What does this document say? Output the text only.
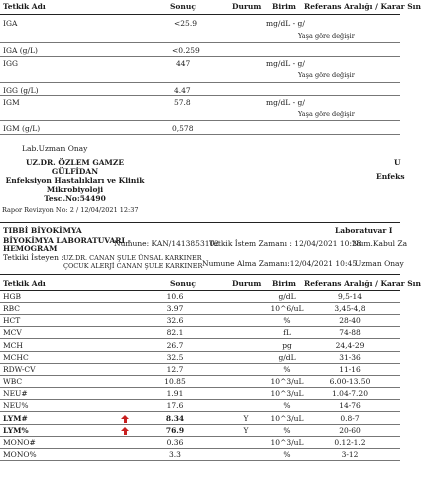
Tetkik Adı	Sonuç	Durum Birim Referans Aralığı / Karar Sın
IGA	<25.9	mg/dL - g/
Yaşa göre değişir
IGA (g/L)	<0.259
IGG	447	mg/dL - g/
Yaşa göre değişir
IGG (g/L)	4.47
IGM	57.8	mg/dL - g/
Yaşa göre değişir
IGM (g/L)	0,578
Lab.Uzman Onay
UZ.DR. ÖZLEM GAMZE
GÜLFİDAN
Enfeksiyon Hastalıkları ve Klinik
Mikrobiyoloji
Tesc.No:54490
U
Enfeks
Rapor Revizyon No: 2 / 12/04/2021 12:37
TIBBİ BİYOKİMYA	Laboratuvar I
BİYOKİMYA LABORATUVARI -
HEMOGRAM
Numune: KAN/1413853102
Tetkik İstem Zamanı : 12/04/2021 10:28
Num.Kabul Za
Tetkiki İsteyen : UZ.DR. CANAN ŞULE ÜNSAL KARKINER
ÇOCUK ALERJİ CANAN ŞULE KARKINER Numune Alma Zamanı:12/04/2021 10:45
Uzman Onay
Tetkik Adı	Sonuç	Durum Birim Referans Aralığı / Karar Sın
HGB	10.6	g/dL	9,5-14
RBC	3.97	10^6/uL	3,45-4,8
HCT	32.6	%	28-40
MCV	82.1	fL	74-88
MCH	26.7	pg	24,4-29
MCHC	32.5	g/dL	31-36
RDW-CV	12.7	%	11-16
WBC	10.85	10^3/uL	6.00-13.50
NEU#	1.91	10^3/uL	1.04-7.20
NEU%	17.6	%	14-76
LYM#	8.34	Y	10^3/uL	0.8-7
LYM%	76.9	Y	%	20-60
MONO#	0.36	10^3/uL	0.12-1.2
MONO%	3.3	%	3-12
